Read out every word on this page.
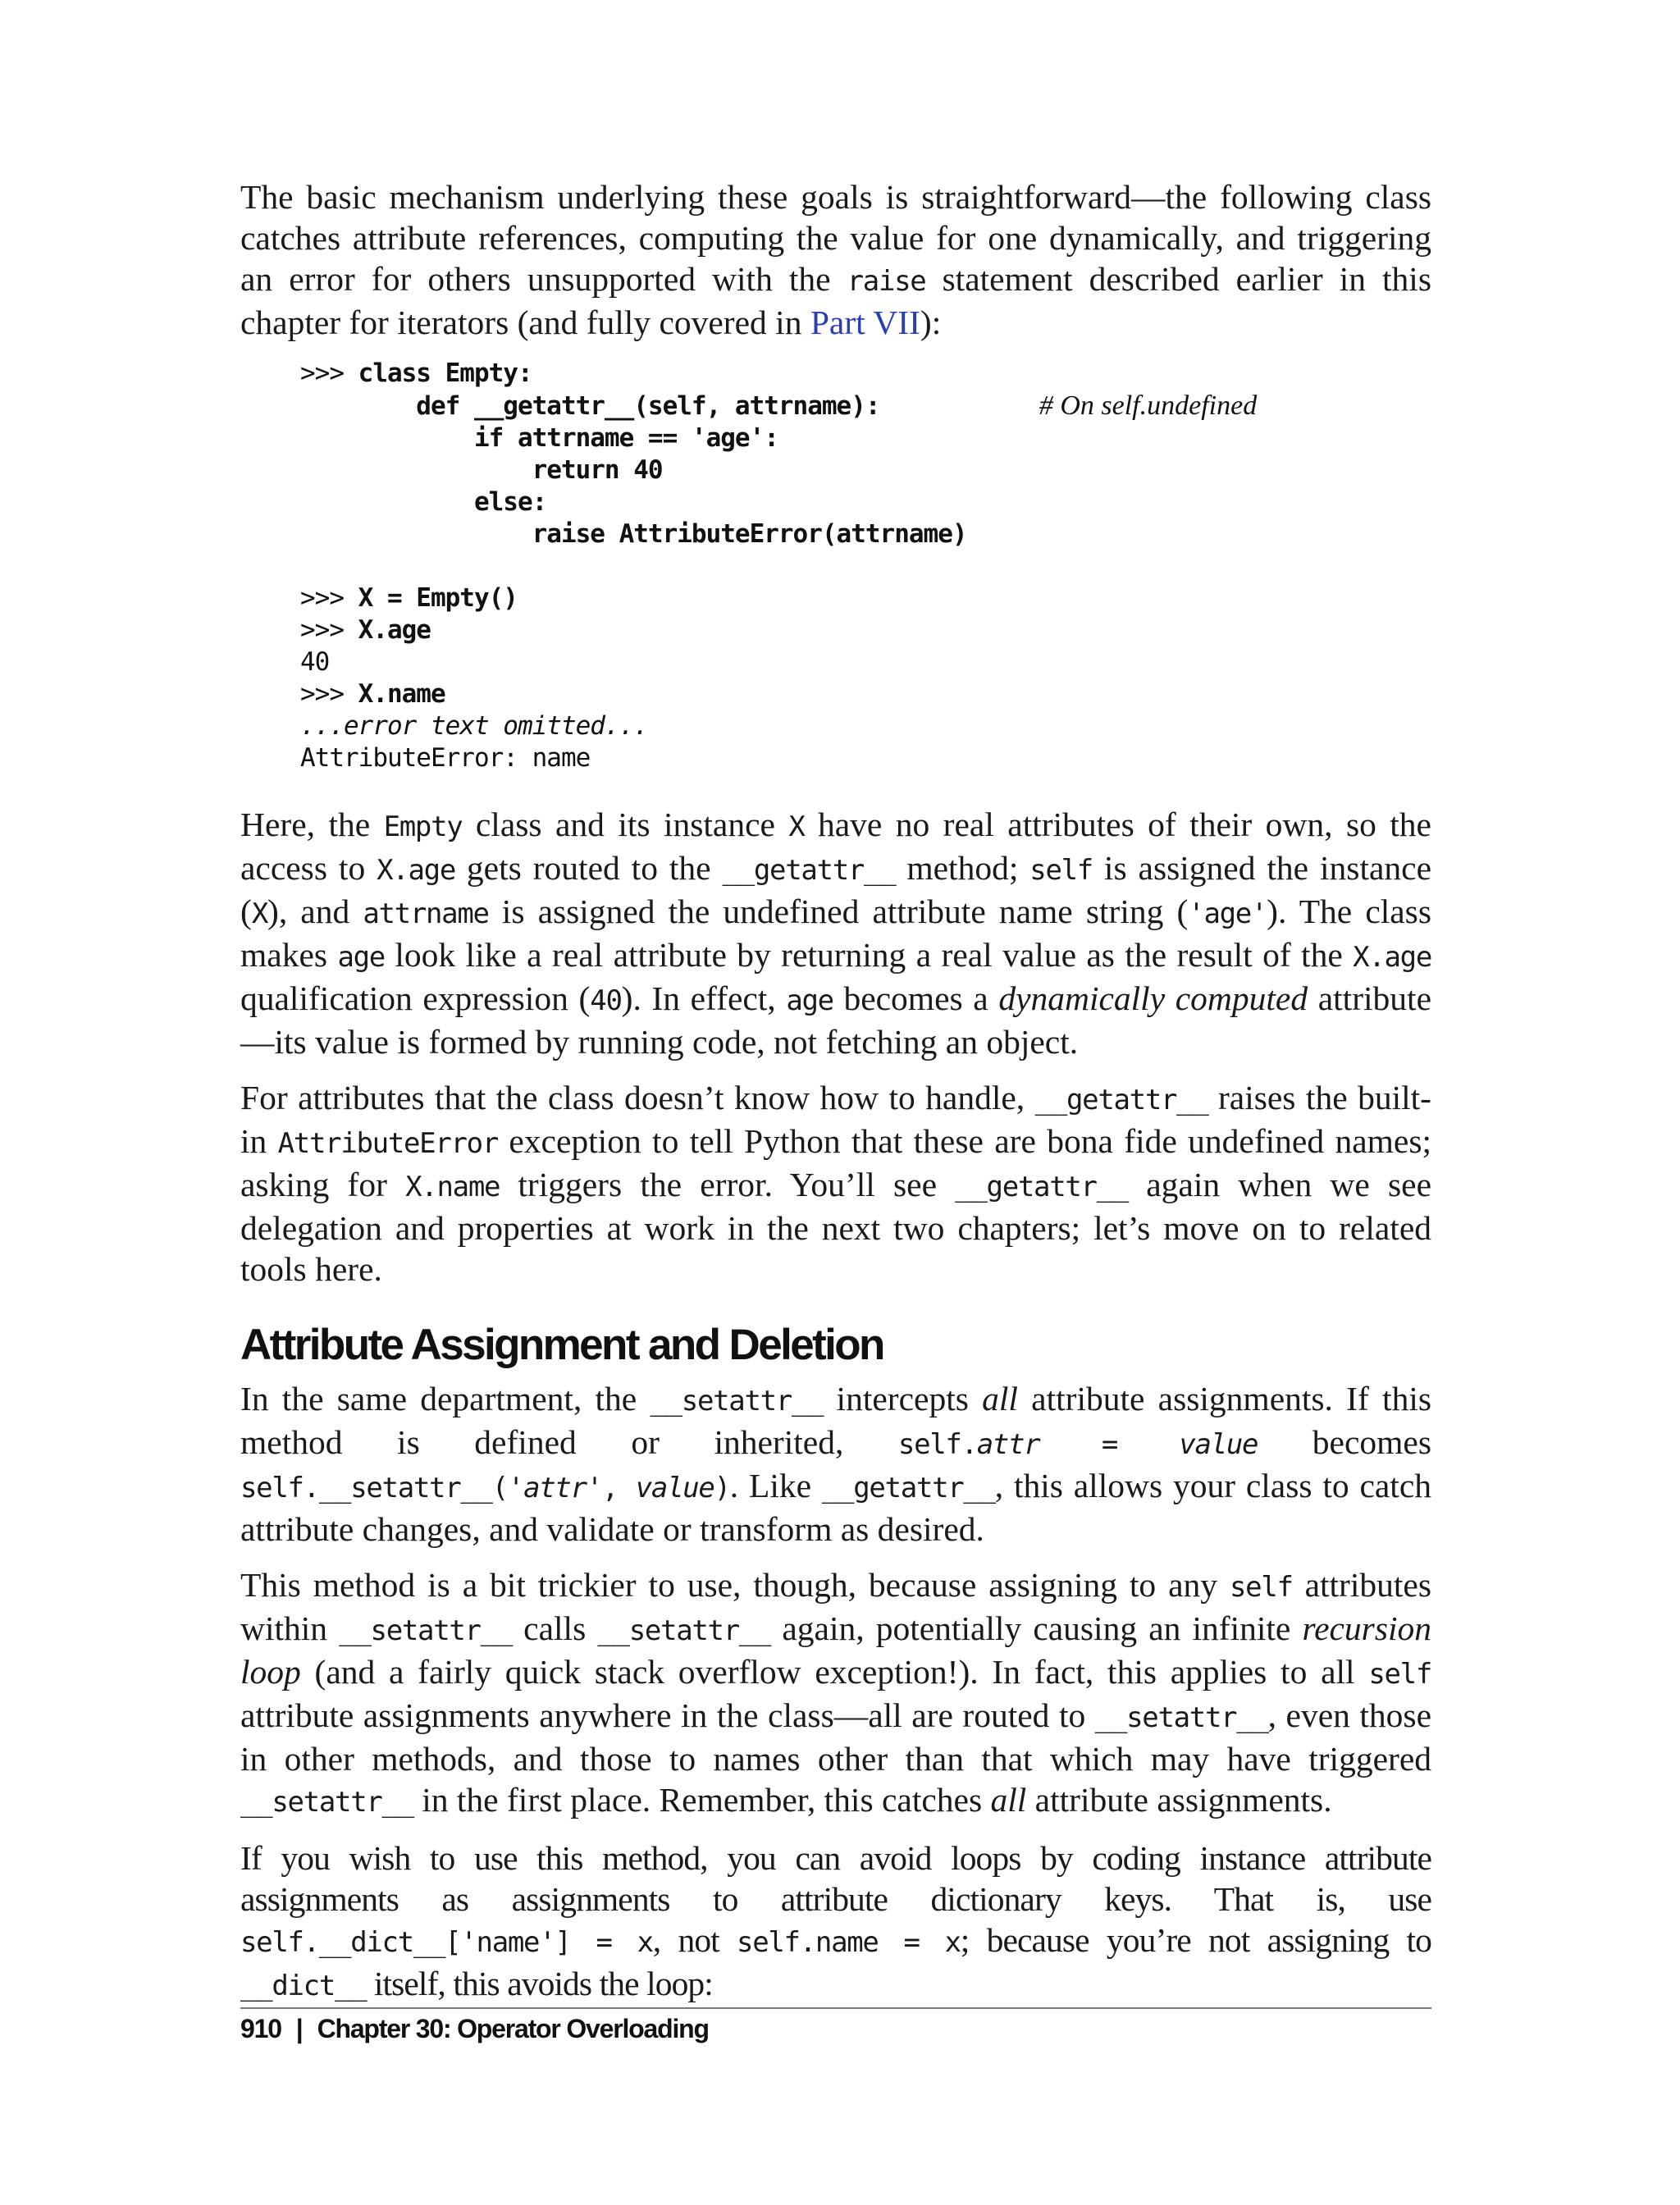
The basic mechanism underlying these goals is straightforward—the following class catches attribute references, computing the value for one dynamically, and triggering an error for others unsupported with the raise statement described earlier in this chapter for iterators (and fully covered in Part VII):

>>> class Empty:
def __getattr__(self, attrname):	# On self.undefined
if attrname == 'age':
return 40
else:
raise AttributeError(attrname)

>>> X = Empty()
>>> X.age
40
>>> X.name
...error text omitted...
AttributeError: name

Here, the Empty class and its instance X have no real attributes of their own, so the access to X.age gets routed to the __getattr__ method; self is assigned the instance (X), and attrname is assigned the undefined attribute name string ('age'). The class makes age look like a real attribute by returning a real value as the result of the X.age qualification expression (40). In effect, age becomes a dynamically computed attribute—its value is formed by running code, not fetching an object.

For attributes that the class doesn’t know how to handle, __getattr__ raises the built-in AttributeError exception to tell Python that these are bona fide undefined names; asking for X.name triggers the error. You’ll see __getattr__ again when we see delegation and properties at work in the next two chapters; let’s move on to related tools here.

Attribute Assignment and Deletion

In the same department, the __setattr__ intercepts all attribute assignments. If this method is defined or inherited, self.attr = value becomes self.__setattr__('attr', value). Like __getattr__, this allows your class to catch attribute changes, and validate or transform as desired.

This method is a bit trickier to use, though, because assigning to any self attributes within __setattr__ calls __setattr__ again, potentially causing an infinite recursion loop (and a fairly quick stack overflow exception!). In fact, this applies to all self attribute assignments anywhere in the class—all are routed to __setattr__, even those in other methods, and those to names other than that which may have triggered __setattr__ in the first place. Remember, this catches all attribute assignments.

If you wish to use this method, you can avoid loops by coding instance attribute assignments as assignments to attribute dictionary keys. That is, use self.__dict__['name'] = x, not self.name = x; because you’re not assigning to __dict__ itself, this avoids the loop:

910 | Chapter 30: Operator Overloading
